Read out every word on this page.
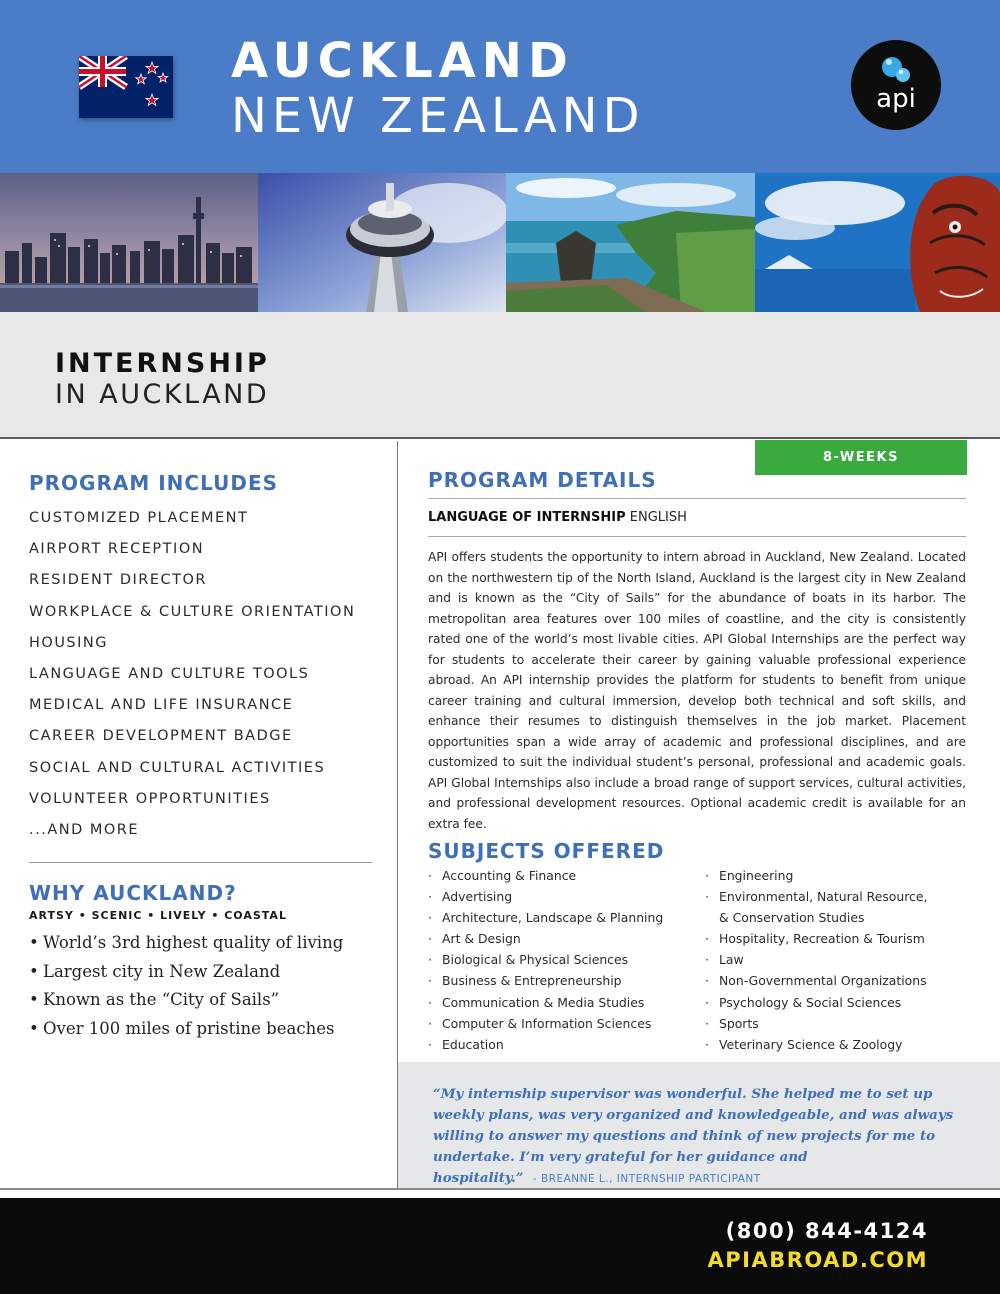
AUCKLAND
NEW ZEALAND	api
INTERNSHIP
IN AUCKLAND
PROGRAM INCLUDES
CUSTOMIZED PLACEMENT
AIRPORT RECEPTION
RESIDENT DIRECTOR
WORKPLACE & CULTURE ORIENTATION
HOUSING
LANGUAGE AND CULTURE TOOLS
MEDICAL AND LIFE INSURANCE
CAREER DEVELOPMENT BADGE
SOCIAL AND CULTURAL ACTIVITIES
VOLUNTEER OPPORTUNITIES
...AND MORE
WHY AUCKLAND?
ARTSY • SCENIC • LIVELY • COASTAL
• World’s 3rd highest quality of living
• Largest city in New Zealand
• Known as the “City of Sails”
• Over 100 miles of pristine beaches
8-WEEKS
PROGRAM DETAILS
LANGUAGE OF INTERNSHIP ENGLISH
API offers students the opportunity to intern abroad in Auckland, New Zealand. Located on the northwestern tip of the North Island, Auckland is the largest city in New Zealand and is known as the “City of Sails” for the abundance of boats in its harbor. The metropolitan area features over 100 miles of coastline, and the city is consistently rated one of the world’s most livable cities. API Global Internships are the perfect way for students to accelerate their career by gaining valuable professional experience abroad. An API internship provides the platform for students to benefit from unique career training and cultural immersion, develop both technical and soft skills, and enhance their resumes to distinguish themselves in the job market. Placement opportunities span a wide array of academic and professional disciplines, and are customized to suit the individual student’s personal, professional and academic goals. API Global Internships also include a broad range of support services, cultural activities, and professional development resources. Optional academic credit is available for an extra fee.
SUBJECTS OFFERED
· Accounting & Finance
· Advertising
· Architecture, Landscape & Planning
· Art & Design
· Biological & Physical Sciences
· Business & Entrepreneurship
· Communication & Media Studies
· Computer & Information Sciences
· Education
· Engineering
· Environmental, Natural Resource,
& Conservation Studies
· Hospitality, Recreation & Tourism
· Law
· Non-Governmental Organizations
· Psychology & Social Sciences
· Sports
· Veterinary Science & Zoology
“My internship supervisor was wonderful. She helped me to set up weekly plans, was very organized and knowledgeable, and was always willing to answer my questions and think of new projects for me to undertake. I’m very grateful for her guidance and hospitality.” - BREANNE L., INTERNSHIP PARTICIPANT
(800) 844-4124
APIABROAD.COM
